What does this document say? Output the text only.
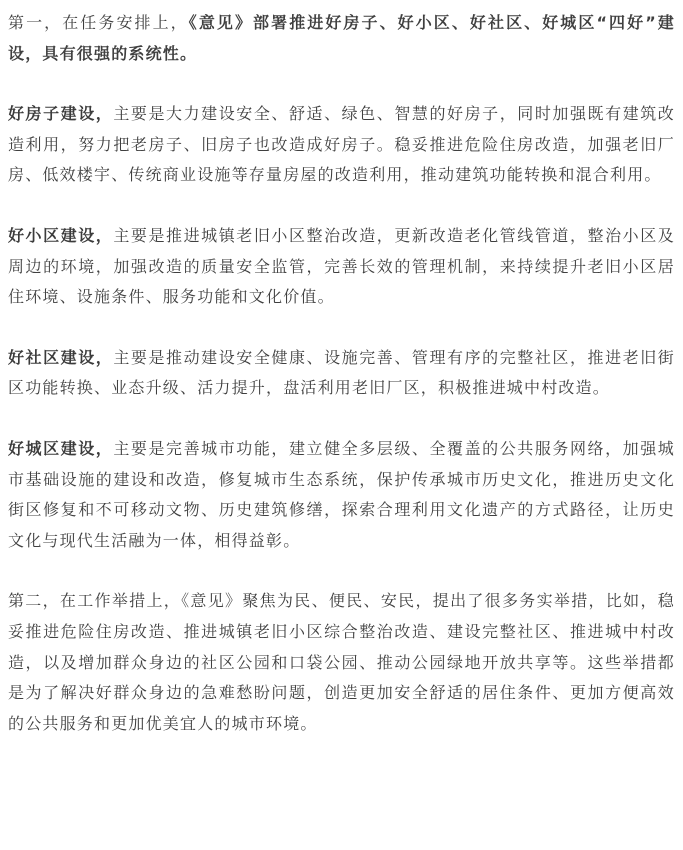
第一，在任务安排上，《意见》部署推进好房子、好小区、好社区、好城区“四好”建设，具有很强的系统性。

好房子建设，主要是大力建设安全、舒适、绿色、智慧的好房子，同时加强既有建筑改造利用，努力把老房子、旧房子也改造成好房子。稳妥推进危险住房改造，加强老旧厂房、低效楼宇、传统商业设施等存量房屋的改造利用，推动建筑功能转换和混合利用。

好小区建设，主要是推进城镇老旧小区整治改造，更新改造老化管线管道，整治小区及周边的环境，加强改造的质量安全监管，完善长效的管理机制，来持续提升老旧小区居住环境、设施条件、服务功能和文化价值。

好社区建设，主要是推动建设安全健康、设施完善、管理有序的完整社区，推进老旧街区功能转换、业态升级、活力提升，盘活利用老旧厂区，积极推进城中村改造。

好城区建设，主要是完善城市功能，建立健全多层级、全覆盖的公共服务网络，加强城市基础设施的建设和改造，修复城市生态系统，保护传承城市历史文化，推进历史文化街区修复和不可移动文物、历史建筑修缮，探索合理利用文化遗产的方式路径，让历史文化与现代生活融为一体，相得益彰。

第二，在工作举措上，《意见》聚焦为民、便民、安民，提出了很多务实举措，比如，稳妥推进危险住房改造、推进城镇老旧小区综合整治改造、建设完整社区、推进城中村改造，以及增加群众身边的社区公园和口袋公园、推动公园绿地开放共享等。这些举措都是为了解决好群众身边的急难愁盼问题，创造更加安全舒适的居住条件、更加方便高效的公共服务和更加优美宜人的城市环境。
